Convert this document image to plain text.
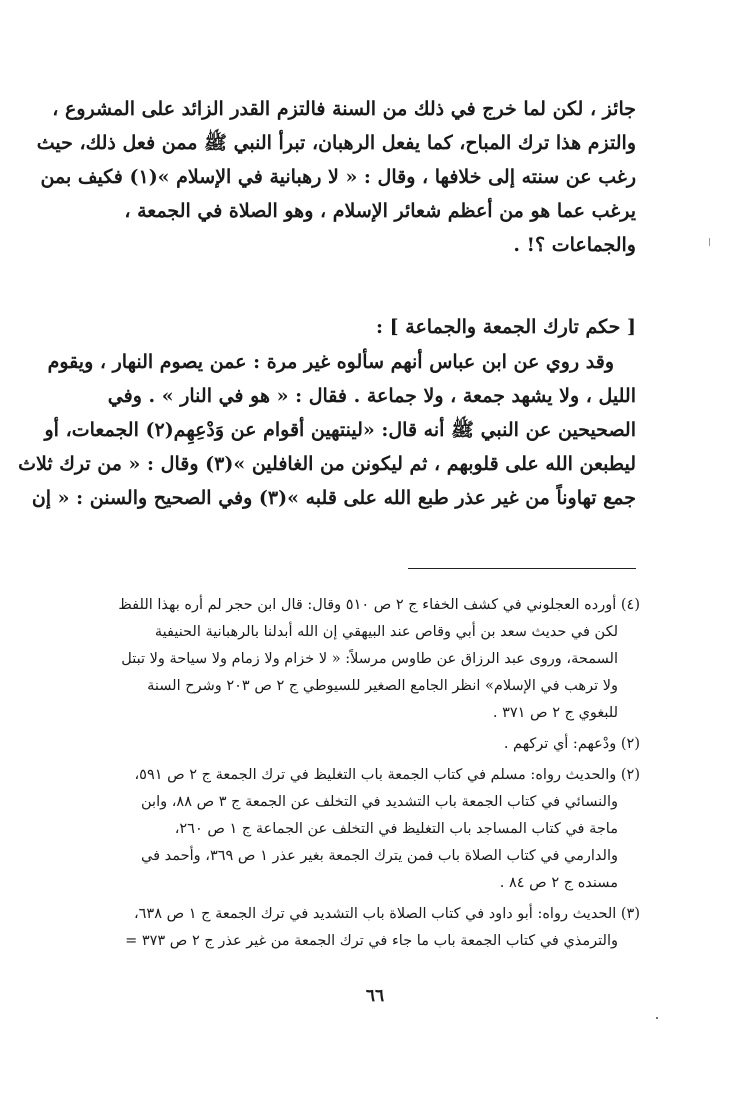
جائز ، لكن لما خرج في ذلك من السنة فالتزم القدر الزائد على المشروع ،
والتزم هذا ترك المباح، كما يفعل الرهبان، تبرأ النبي ﷺ ممن فعل ذلك، حيث
رغب عن سنته إلى خلافها ، وقال : « لا رهبانية في الإسلام »(١) فكيف بمن
يرغب عما هو من أعظم شعائر الإسلام ، وهو الصلاة في الجمعة ،
والجماعات ؟! .
[ حكم تارك الجمعة والجماعة ] :
وقد روي عن ابن عباس أنهم سألوه غير مرة : عمن يصوم النهار ، ويقوم
الليل ، ولا يشهد جمعة ، ولا جماعة . فقال : « هو في النار » . وفي
الصحيحين عن النبي ﷺ أنه قال: «لينتهين أقوام عن وَدْعِهِم(٢) الجمعات، أو
ليطبعن الله على قلوبهم ، ثم ليكونن من الغافلين »(٣) وقال : « من ترك ثلاث
جمع تهاوناً من غير عذر طبع الله على قلبه »(٣) وفي الصحيح والسنن : « إن
(٤) أورده العجلوني في كشف الخفاء ج ٢ ص ٥١٠ وقال: قال ابن حجر لم أره بهذا اللفظ
لكن في حديث سعد بن أبي وقاص عند البيهقي إن الله أبدلنا بالرهبانية الحنيفية
السمحة، وروى عبد الرزاق عن طاوس مرسلاً: « لا خزام ولا زمام ولا سياحة ولا تبتل
ولا ترهب في الإسلام» انظر الجامع الصغير للسيوطي ج ٢ ص ٢٠٣ وشرح السنة
للبغوي ج ٢ ص ٣٧١ .
(٢) ودْعهم: أي تركهم .
(٢) والحديث رواه: مسلم في كتاب الجمعة باب التغليظ في ترك الجمعة ج ٢ ص ٥٩١،
والنسائي في كتاب الجمعة باب التشديد في التخلف عن الجمعة ج ٣ ص ٨٨، وابن
ماجة في كتاب المساجد باب التغليظ في التخلف عن الجماعة ج ١ ص ٢٦٠،
والدارمي في كتاب الصلاة باب فمن يترك الجمعة بغير عذر ١ ص ٣٦٩، وأحمد في
مسنده ج ٢ ص ٨٤ .
(٣) الحديث رواه: أبو داود في كتاب الصلاة باب التشديد في ترك الجمعة ج ١ ص ٦٣٨،
والترمذي في كتاب الجمعة باب ما جاء في ترك الجمعة من غير عذر ج ٢ ص ٣٧٣ =
٦٦
